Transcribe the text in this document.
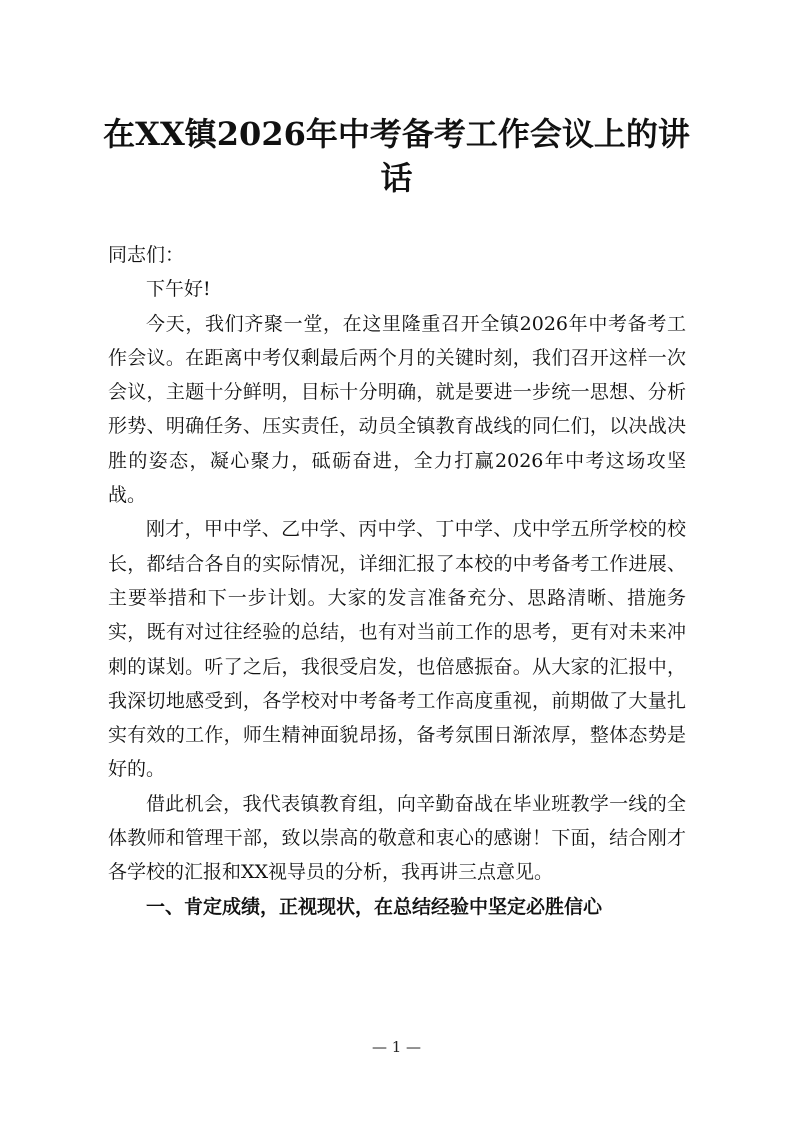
在XX镇2026年中考备考工作会议上的讲话

同志们：

下午好!

今天，我们齐聚一堂，在这里隆重召开全镇2026年中考备考工作会议。在距离中考仅剩最后两个月的关键时刻，我们召开这样一次会议，主题十分鲜明，目标十分明确，就是要进一步统一思想、分析形势、明确任务、压实责任，动员全镇教育战线的同仁们，以决战决胜的姿态，凝心聚力，砥砺奋进，全力打赢2026年中考这场攻坚战。

刚才，甲中学、乙中学、丙中学、丁中学、戊中学五所学校的校长，都结合各自的实际情况，详细汇报了本校的中考备考工作进展、主要举措和下一步计划。大家的发言准备充分、思路清晰、措施务实，既有对过往经验的总结，也有对当前工作的思考，更有对未来冲刺的谋划。听了之后，我很受启发，也倍感振奋。从大家的汇报中，我深切地感受到，各学校对中考备考工作高度重视，前期做了大量扎实有效的工作，师生精神面貌昂扬，备考氛围日渐浓厚，整体态势是好的。

借此机会，我代表镇教育组，向辛勤奋战在毕业班教学一线的全体教师和管理干部，致以崇高的敬意和衷心的感谢！下面，结合刚才各学校的汇报和XX视导员的分析，我再讲三点意见。

一、肯定成绩，正视现状，在总结经验中坚定必胜信心

— 1 —
